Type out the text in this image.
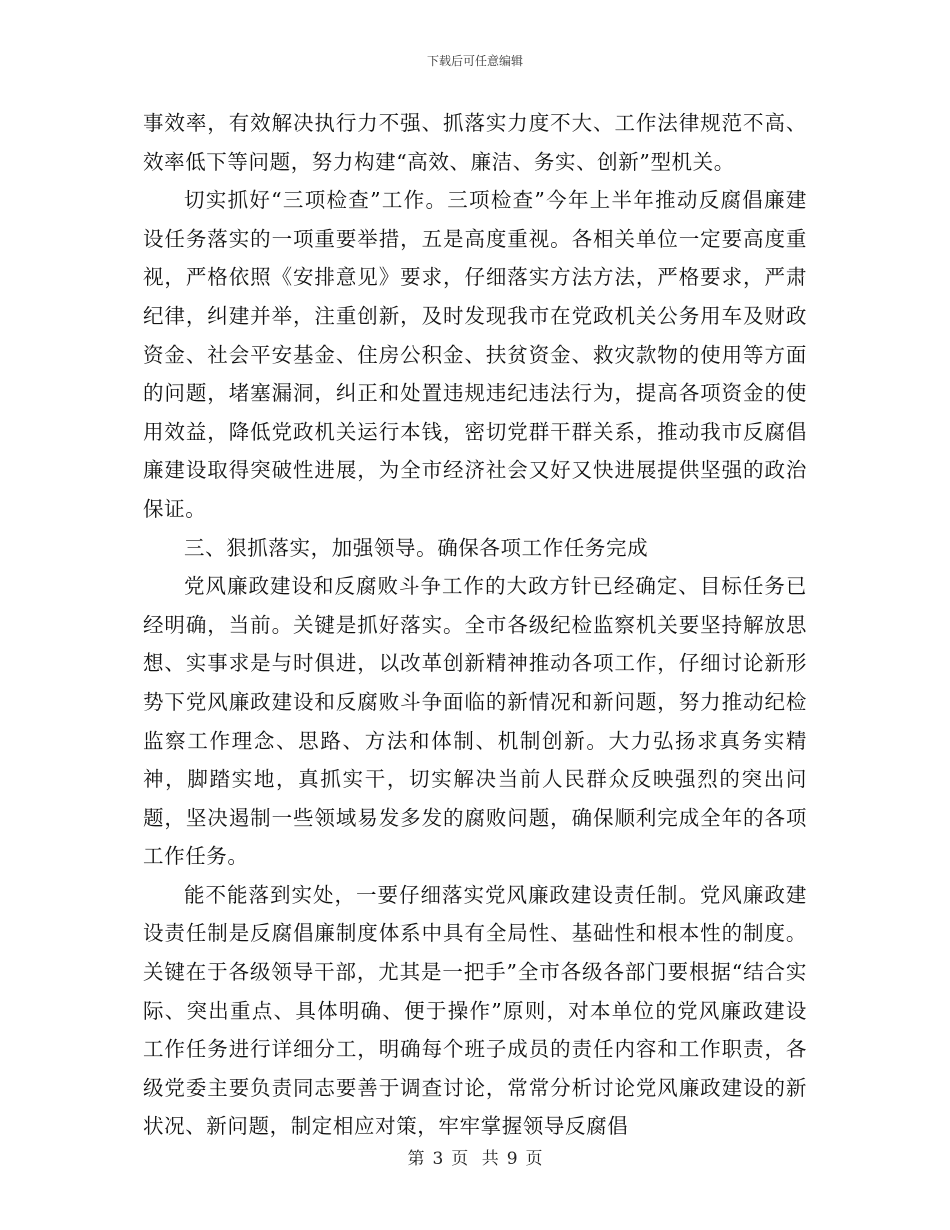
下载后可任意编辑

事效率，有效解决执行力不强、抓落实力度不大、工作法律规范不高、效率低下等问题，努力构建“高效、廉洁、务实、创新”型机关。

切实抓好“三项检查”工作。三项检查”今年上半年推动反腐倡廉建设任务落实的一项重要举措，五是高度重视。各相关单位一定要高度重视，严格依照《安排意见》要求，仔细落实方法方法，严格要求，严肃纪律，纠建并举，注重创新，及时发现我市在党政机关公务用车及财政资金、社会平安基金、住房公积金、扶贫资金、救灾款物的使用等方面的问题，堵塞漏洞，纠正和处置违规违纪违法行为，提高各项资金的使用效益，降低党政机关运行本钱，密切党群干群关系，推动我市反腐倡廉建设取得突破性进展，为全市经济社会又好又快进展提供坚强的政治保证。

三、狠抓落实，加强领导。确保各项工作任务完成

党风廉政建设和反腐败斗争工作的大政方针已经确定、目标任务已经明确，当前。关键是抓好落实。全市各级纪检监察机关要坚持解放思想、实事求是与时俱进，以改革创新精神推动各项工作，仔细讨论新形势下党风廉政建设和反腐败斗争面临的新情况和新问题，努力推动纪检监察工作理念、思路、方法和体制、机制创新。大力弘扬求真务实精神，脚踏实地，真抓实干，切实解决当前人民群众反映强烈的突出问题，坚决遏制一些领域易发多发的腐败问题，确保顺利完成全年的各项工作任务。

能不能落到实处，一要仔细落实党风廉政建设责任制。党风廉政建设责任制是反腐倡廉制度体系中具有全局性、基础性和根本性的制度。关键在于各级领导干部，尤其是一把手”全市各级各部门要根据“结合实际、突出重点、具体明确、便于操作”原则，对本单位的党风廉政建设工作任务进行详细分工，明确每个班子成员的责任内容和工作职责，各级党委主要负责同志要善于调查讨论，常常分析讨论党风廉政建设的新状况、新问题，制定相应对策，牢牢掌握领导反腐倡

第 3 页 共 9 页
